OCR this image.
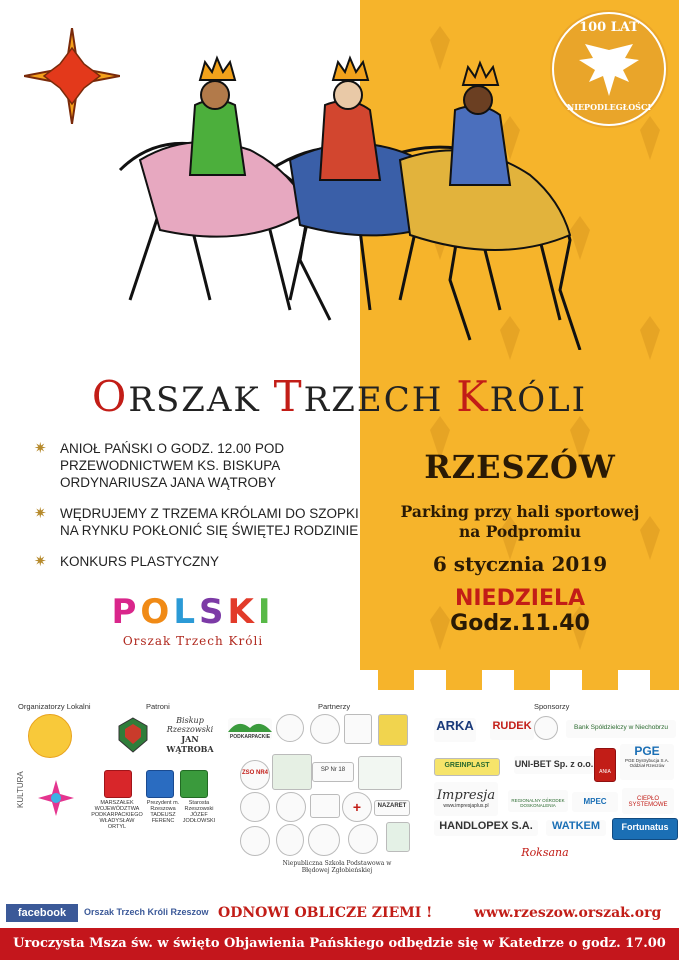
100 LAT
NIEPODLEGŁOŚCI
ORSZAK TRZECH KRÓLI
✷ ANIOŁ PAŃSKI O GODZ. 12.00 POD PRZEWODNICTWEM KS. BISKUPA ORDYNARIUSZA JANA WĄTROBY
✷ WĘDRUJEMY Z TRZEMA KRÓLAMI DO SZOPKI NA RYNKU POKŁONIĆ SIĘ ŚWIĘTEJ RODZINIE
✷ KONKURS PLASTYCZNY
POLSKI
Orszak Trzech Króli
RZESZÓW
Parking przy hali sportowej
na Podpromiu
6 stycznia 2019
NIEDZIELA
Godz.11.40
Organizatorzy Lokalni	Patroni	Partnerzy	Sponsorzy
KULTURA
Biskup
Rzeszowski
JAN
WĄTROBA
MARSZAŁEK WOJEWÓDZTWA PODKARPACKIEGO WŁADYSŁAW ORTYL
Prezydent m. Rzeszowa TADEUSZ FERENC
Starosta Rzeszowski JÓZEF JODŁOWSKI
PODKARPACKIE
ZSO NR4	SP Nr 18
+	NAZARET
Niepubliczna Szkoła Podstawowa w Błędowej Zgłobieńskiej
ARKA RUDEK	Bank Spółdzielczy w Niechobrzu
GREINPLAST	UNI-BET Sp. z o.o.
ANIA
PGE
PGE Dystrybucja S.A. Oddział Rzeszów
Impresja
www.impresjaplus.pl
REGIONALNY OŚRODEK DOSKONALENIA	MPEC	CIEPŁO SYSTEMOWE
HANDLOPEX S.A.	WATKEM	Fortunatus
Roksana
facebook	Orszak Trzech Króli Rzeszow ODNOWI OBLICZE ZIEMI !	www.rzeszow.orszak.org
Uroczysta Msza św. w święto Objawienia Pańskiego odbędzie się w Katedrze o godz. 17.00
